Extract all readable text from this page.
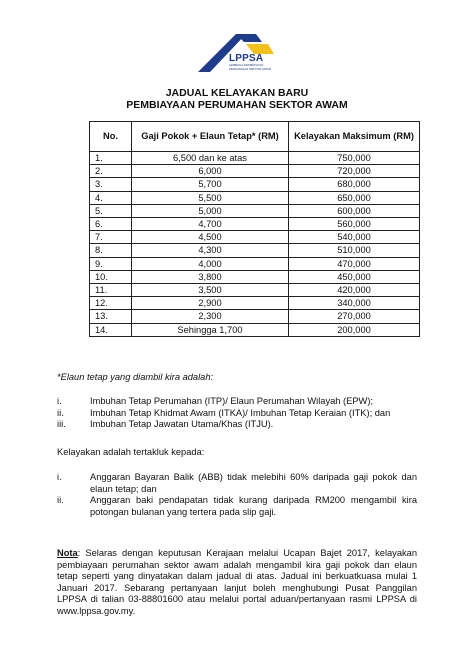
LPPSA
LEMBAGA PEMBIAYAAN
PERUMAHAN SEKTOR AWAM
JADUAL KELAYAKAN BARU
PEMBIAYAAN PERUMAHAN SEKTOR AWAM
No.	Gaji Pokok + Elaun Tetap* (RM)	Kelayakan Maksimum (RM)
1.	6,500 dan ke atas	750,000
2.	6,000	720,000
3.	5,700	680,000
4.	5,500	650,000
5.	5,000	600,000
6.	4,700	560,000
7.	4,500	540,000
8.	4,300	510,000
9.	4,000	470,000
10.	3,800	450,000
11.	3,500	420,000
12.	2,900	340,000
13.	2,300	270,000
14.	Sehingga 1,700	200,000
*Elaun tetap yang diambil kira adalah:
i.	Imbuhan Tetap Perumahan (ITP)/ Elaun Perumahan Wilayah (EPW);
ii.	Imbuhan Tetap Khidmat Awam (ITKA)/ Imbuhan Tetap Keraian (ITK); dan
iii.	Imbuhan Tetap Jawatan Utama/Khas (ITJU).
Kelayakan adalah tertakluk kepada:
i.	Anggaran Bayaran Balik (ABB) tidak melebihi 60% daripada gaji pokok dan elaun tetap; dan
ii.	Anggaran baki pendapatan tidak kurang daripada RM200 mengambil kira potongan bulanan yang tertera pada slip gaji.
Nota: Selaras dengan keputusan Kerajaan melalui Ucapan Bajet 2017, kelayakan pembiayaan perumahan sektor awam adalah mengambil kira gaji pokok dan elaun tetap seperti yang dinyatakan dalam jadual di atas. Jadual ini berkuatkuasa mulai 1 Januari 2017. Sebarang pertanyaan lanjut boleh menghubungi Pusat Panggilan LPPSA di talian 03-88801600 atau melalui portal aduan/pertanyaan rasmi LPPSA di www.lppsa.gov.my.
